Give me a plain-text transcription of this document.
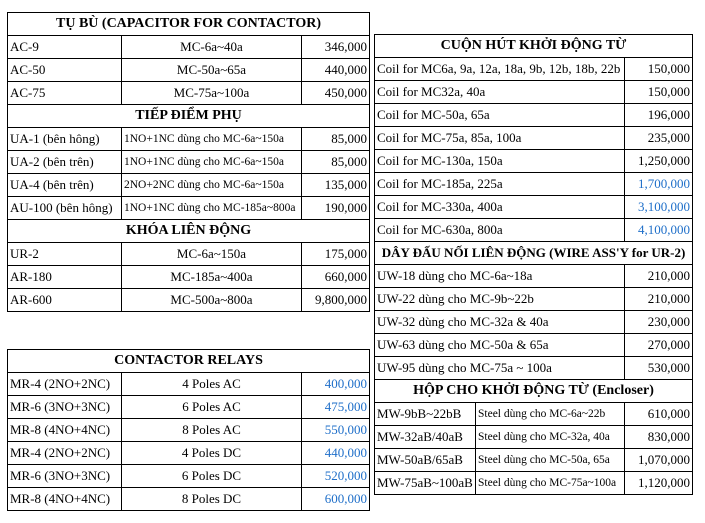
TỤ BÙ (CAPACITOR FOR CONTACTOR)		
AC-9	MC-6a~40a	346,000
AC-50	MC-50a~65a	440,000
AC-75	MC-75a~100a	450,000
TIẾP ĐIỂM PHỤ		
UA-1 (bên hông)	1NO+1NC dùng cho MC-6a~150a	85,000
UA-2 (bên trên)	1NO+1NC dùng cho MC-6a~150a	85,000
UA-4 (bên trên)	2NO+2NC dùng cho MC-6a~150a	135,000
AU-100 (bên hông)	1NO+1NC dùng cho MC-185a~800a	190,000
KHÓA LIÊN ĐỘNG		
UR-2	MC-6a~150a	175,000
AR-180	MC-185a~400a	660,000
AR-600	MC-500a~800a	9,800,000
CUỘN HÚT KHỞI ĐỘNG TỪ		
Coil for MC6a, 9a, 12a, 18a, 9b, 12b, 18b, 22b		150,000
Coil for MC32a, 40a		150,000
Coil for MC-50a, 65a		196,000
Coil for MC-75a, 85a, 100a		235,000
Coil for MC-130a, 150a		1,250,000
Coil for MC-185a, 225a		1,700,000
Coil for MC-330a, 400a		3,100,000
Coil for MC-630a, 800a		4,100,000
DÂY ĐẤU NỐI LIÊN ĐỘNG (WIRE ASS'Y for UR-2)		
UW-18 dùng cho MC-6a~18a		210,000
UW-22 dùng cho MC-9b~22b		210,000
UW-32 dùng cho MC-32a & 40a		230,000
UW-63 dùng cho MC-50a & 65a		270,000
UW-95 dùng cho MC-75a ~ 100a		530,000
HỘP CHO KHỞI ĐỘNG TỪ (Encloser)		
MW-9bB~22bB	Steel dùng cho MC-6a~22b	610,000
MW-32aB/40aB	Steel dùng cho MC-32a, 40a	830,000
MW-50aB/65aB	Steel dùng cho MC-50a, 65a	1,070,000
MW-75aB~100aB	Steel dùng cho MC-75a~100a	1,120,000
CONTACTOR RELAYS		
MR-4 (2NO+2NC)	4 Poles AC	400,000
MR-6 (3NO+3NC)	6 Poles AC	475,000
MR-8 (4NO+4NC)	8 Poles AC	550,000
MR-4 (2NO+2NC)	4 Poles DC	440,000
MR-6 (3NO+3NC)	6 Poles DC	520,000
MR-8 (4NO+4NC)	8 Poles DC	600,000
